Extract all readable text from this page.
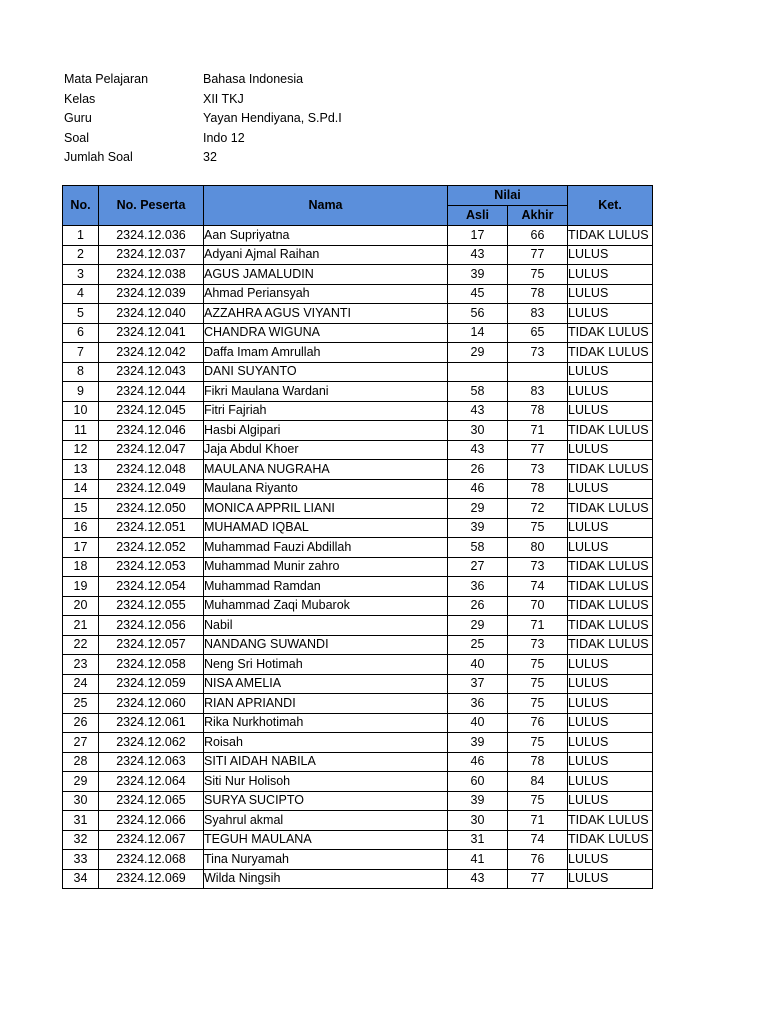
Mata Pelajaran	Bahasa Indonesia
Kelas	XII TKJ
Guru	Yayan Hendiyana, S.Pd.I
Soal	Indo 12
Jumlah Soal	32
No.	No. Peserta	Nama	Nilai		Ket.
			Asli	Akhir	
1	2324.12.036	Aan Supriyatna	17	66	TIDAK LULUS
2	2324.12.037	Adyani Ajmal Raihan	43	77	LULUS
3	2324.12.038	AGUS JAMALUDIN	39	75	LULUS
4	2324.12.039	Ahmad Periansyah	45	78	LULUS
5	2324.12.040	AZZAHRA AGUS VIYANTI	56	83	LULUS
6	2324.12.041	CHANDRA WIGUNA	14	65	TIDAK LULUS
7	2324.12.042	Daffa Imam Amrullah	29	73	TIDAK LULUS
8	2324.12.043	DANI SUYANTO			LULUS
9	2324.12.044	Fikri Maulana Wardani	58	83	LULUS
10	2324.12.045	Fitri Fajriah	43	78	LULUS
11	2324.12.046	Hasbi Algipari	30	71	TIDAK LULUS
12	2324.12.047	Jaja Abdul Khoer	43	77	LULUS
13	2324.12.048	MAULANA NUGRAHA	26	73	TIDAK LULUS
14	2324.12.049	Maulana Riyanto	46	78	LULUS
15	2324.12.050	MONICA APPRIL LIANI	29	72	TIDAK LULUS
16	2324.12.051	MUHAMAD IQBAL	39	75	LULUS
17	2324.12.052	Muhammad Fauzi Abdillah	58	80	LULUS
18	2324.12.053	Muhammad Munir zahro	27	73	TIDAK LULUS
19	2324.12.054	Muhammad Ramdan	36	74	TIDAK LULUS
20	2324.12.055	Muhammad Zaqi Mubarok	26	70	TIDAK LULUS
21	2324.12.056	Nabil	29	71	TIDAK LULUS
22	2324.12.057	NANDANG SUWANDI	25	73	TIDAK LULUS
23	2324.12.058	Neng Sri Hotimah	40	75	LULUS
24	2324.12.059	NISA AMELIA	37	75	LULUS
25	2324.12.060	RIAN APRIANDI	36	75	LULUS
26	2324.12.061	Rika Nurkhotimah	40	76	LULUS
27	2324.12.062	Roisah	39	75	LULUS
28	2324.12.063	SITI AIDAH NABILA	46	78	LULUS
29	2324.12.064	Siti Nur Holisoh	60	84	LULUS
30	2324.12.065	SURYA SUCIPTO	39	75	LULUS
31	2324.12.066	Syahrul akmal	30	71	TIDAK LULUS
32	2324.12.067	TEGUH MAULANA	31	74	TIDAK LULUS
33	2324.12.068	Tina Nuryamah	41	76	LULUS
34	2324.12.069	Wilda Ningsih	43	77	LULUS
